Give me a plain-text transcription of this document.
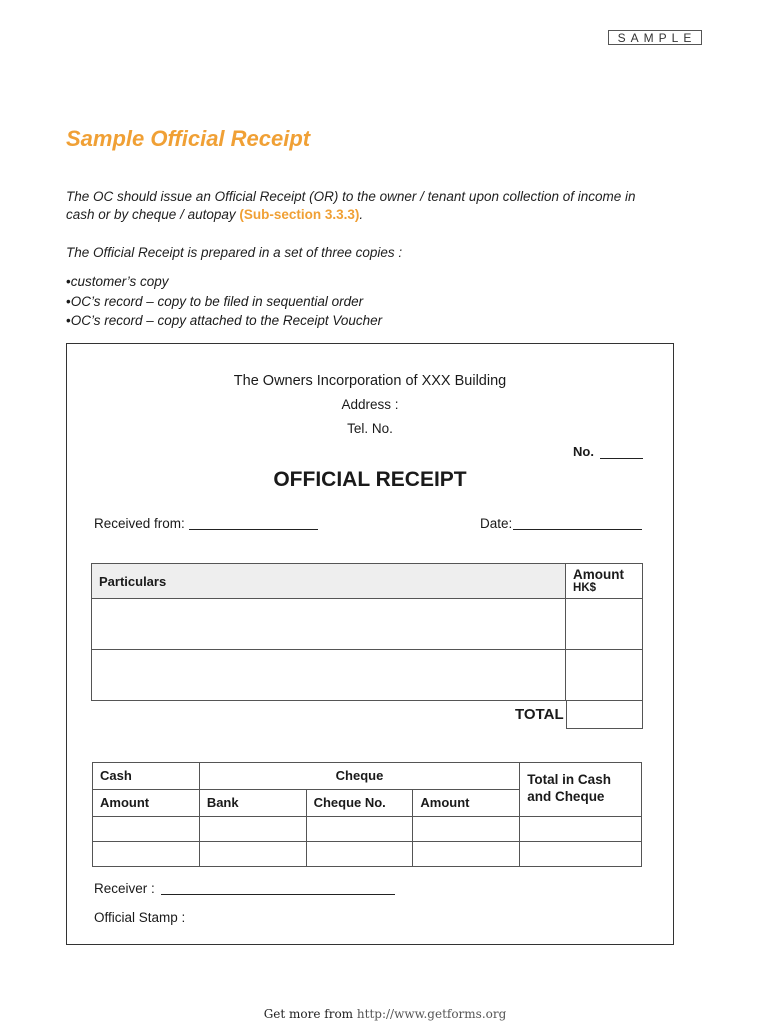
SAMPLE
Sample Official Receipt
The OC should issue an Official Receipt (OR) to the owner / tenant upon collection of income in
cash or by cheque / autopay (Sub-section 3.3.3).
The Official Receipt is prepared in a set of three copies :
• customer’s copy
• OC’s record – copy to be filed in sequential order
• OC’s record – copy attached to the Receipt Voucher
The Owners Incorporation of XXX Building
Address :
Tel. No.
No.
OFFICIAL RECEIPT
Received from:	Date:
Particulars	Amount
HK$

TOTAL
Cash	Cheque			Total in Cash and Cheque

Amount	Bank	Cheque No.	Amount	

Receiver :
Official Stamp :
Get more from http://www.getforms.org
